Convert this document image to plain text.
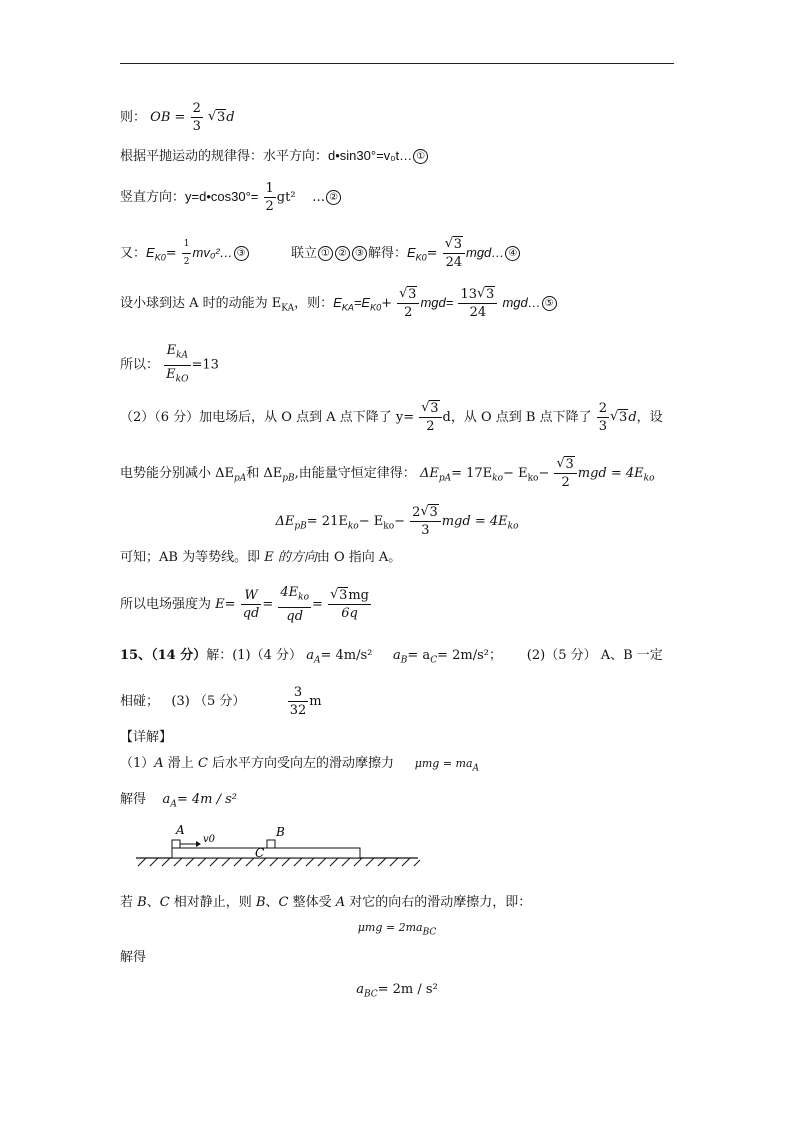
则： OB = $\frac{2}{3}$ √ 3d
根据平抛运动的规律得：水平方向：d•sin30°=v₀t… ①
竖直方向：y=d•cos30°= $\frac{1}{2} gt^2$ … ②
又：$E_{K0}= \frac{1}{2}$ mv₀²… ③	联立 ① ② ③ 解得：$E_{K0}=$ √ $\frac{3}{24}$ mgd… ④
设小球到达 A 时的动能为 $E_{KA}$，则：$E_{KA}=E_{K0}+$ √ $\frac{3}{2} mgd= \frac{13 √ 3}{24}$ mgd… ⑤
所以：
$E_{kA}$
$E_{kO}$
=13
（2）（6 分）加电场后，从 O 点到 A 点下降了 y= √ $\frac{3}{2}$ d，从 O 点到 B 点下降了 $\frac{2}{3}$ √ 3d，设
电势能分别减小 $\Delta E_{pA}$和 $\Delta E_{pB}$,由能量守恒定律得： $\Delta E_{pA}= 17E_{ko}- E_{ko}-$ √ $\frac{3}{2}$ mgd = $4E_{ko}$
$\Delta E_{pB}= 21E_{ko}- E_{ko}- \frac{2 √ 3}{3}$ mgd = $4E_{ko}$
可知；AB 为等势线。即 E 的方向由 O 指向 A。
所以电场强度为 $E= \frac{W}{qd}$ =
$4E_{ko}$
qd
= √ $\frac{3mg}{6q}$
15、（14 分）解：(1)（4 分） $a_A= 4m/s^2$ $a_B= a_C= 2m/s^2$； (2)（5 分） A、B 一定
相碰； (3) （5 分）	$\frac{3}{32}$ m
【详解】
（1）A 滑上 C 后水平方向受向左的滑动摩擦力 $\mu mg = ma_A$
解得 $a_A= 4m / s^2$
A
v0
B
C
若 B、C 相对静止，则 B、C 整体受 A 对它的向右的滑动摩擦力，即：
$\mu mg = 2ma_{BC}$
解得
$a_{BC}= 2m / s^2$
